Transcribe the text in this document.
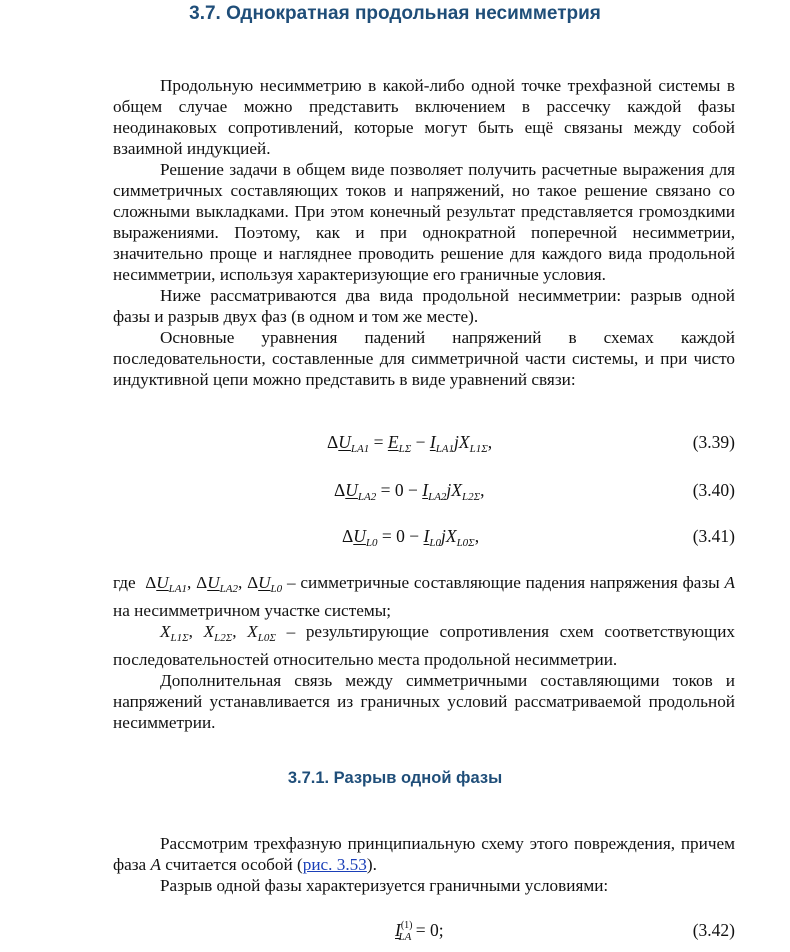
3.7. Однократная продольная несимметрия

Продольную несимметрию в какой-либо одной точке трехфазной системы в общем случае можно представить включением в рассечку каждой фазы неодинаковых сопротивлений, которые могут быть ещё связаны между собой взаимной индукцией.

Решение задачи в общем виде позволяет получить расчетные выражения для симметричных составляющих токов и напряжений, но такое решение связано со сложными выкладками. При этом конечный результат представляется громоздкими выражениями. Поэтому, как и при однократной поперечной несимметрии, значительно проще и нагляднее проводить решение для каждого вида продольной несимметрии, используя характеризующие его граничные условия.

Ниже рассматриваются два вида продольной несимметрии: разрыв одной фазы и разрыв двух фаз (в одном и том же месте).

Основные уравнения падений напряжений в схемах каждой последовательности, составленные для симметричной части системы, и при чисто индуктивной цепи можно представить в виде уравнений связи:

$\Delta U_{LA1} = E_{L\Sigma} - I_{LA1}jX_{L1\Sigma}$,	(3.39)
$\Delta U_{LA2} = 0 - I_{LA2}jX_{L2\Sigma}$,	(3.40)
$\Delta U_{L0} = 0 - I_{L0}jX_{L0\Sigma}$,	(3.41)

где $\Delta U_{LA1}$, $\Delta U_{LA2}$, $\Delta U_{L0}$ – симметричные составляющие падения напряжения фазы A на несимметричном участке системы;

$X_{L1\Sigma}$, $X_{L2\Sigma}$, $X_{L0\Sigma}$ – результирующие сопротивления схем соответствующих последовательностей относительно места продольной несимметрии.

Дополнительная связь между симметричными составляющими токов и напряжений устанавливается из граничных условий рассматриваемой продольной несимметрии.

3.7.1. Разрыв одной фазы

Рассмотрим трехфазную принципиальную схему этого повреждения, причем фаза A считается особой (рис. 3.53).

Разрыв одной фазы характеризуется граничными условиями:

$I^{(1)}_{LA} = 0$;	(3.42)
